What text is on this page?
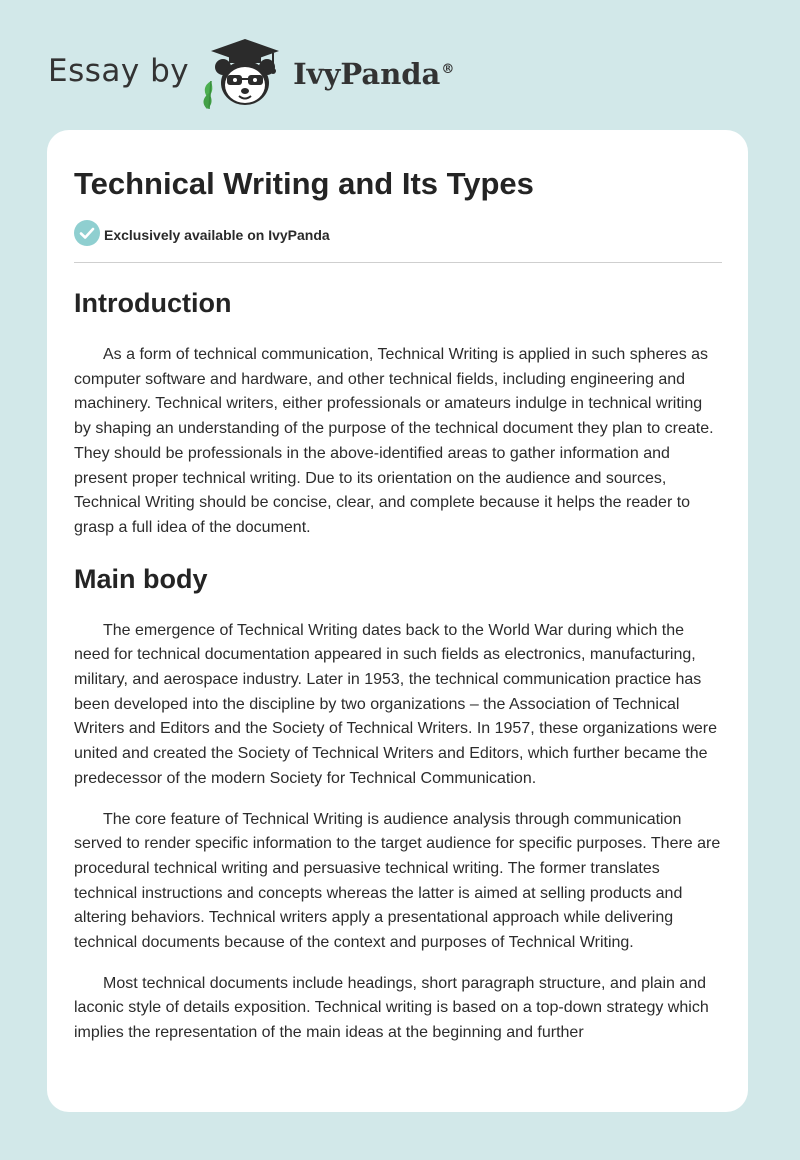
Essay by	IvyPanda®
Technical Writing and Its Types
Exclusively available on IvyPanda
Introduction

As a form of technical communication, Technical Writing is applied in such spheres as computer software and hardware, and other technical fields, including engineering and machinery. Technical writers, either professionals or amateurs indulge in technical writing by shaping an understanding of the purpose of the technical document they plan to create. They should be professionals in the above-identified areas to gather information and present proper technical writing. Due to its orientation on the audience and sources, Technical Writing should be concise, clear, and complete because it helps the reader to grasp a full idea of the document.

Main body

The emergence of Technical Writing dates back to the World War during which the need for technical documentation appeared in such fields as electronics, manufacturing, military, and aerospace industry. Later in 1953, the technical communication practice has been developed into the discipline by two organizations – the Association of Technical Writers and Editors and the Society of Technical Writers. In 1957, these organizations were united and created the Society of Technical Writers and Editors, which further became the predecessor of the modern Society for Technical Communication.

The core feature of Technical Writing is audience analysis through communication served to render specific information to the target audience for specific purposes. There are procedural technical writing and persuasive technical writing. The former translates technical instructions and concepts whereas the latter is aimed at selling products and altering behaviors. Technical writers apply a presentational approach while delivering technical documents because of the context and purposes of Technical Writing.

Most technical documents include headings, short paragraph structure, and plain and laconic style of details exposition. Technical writing is based on a top-down strategy which implies the representation of the main ideas at the beginning and further
